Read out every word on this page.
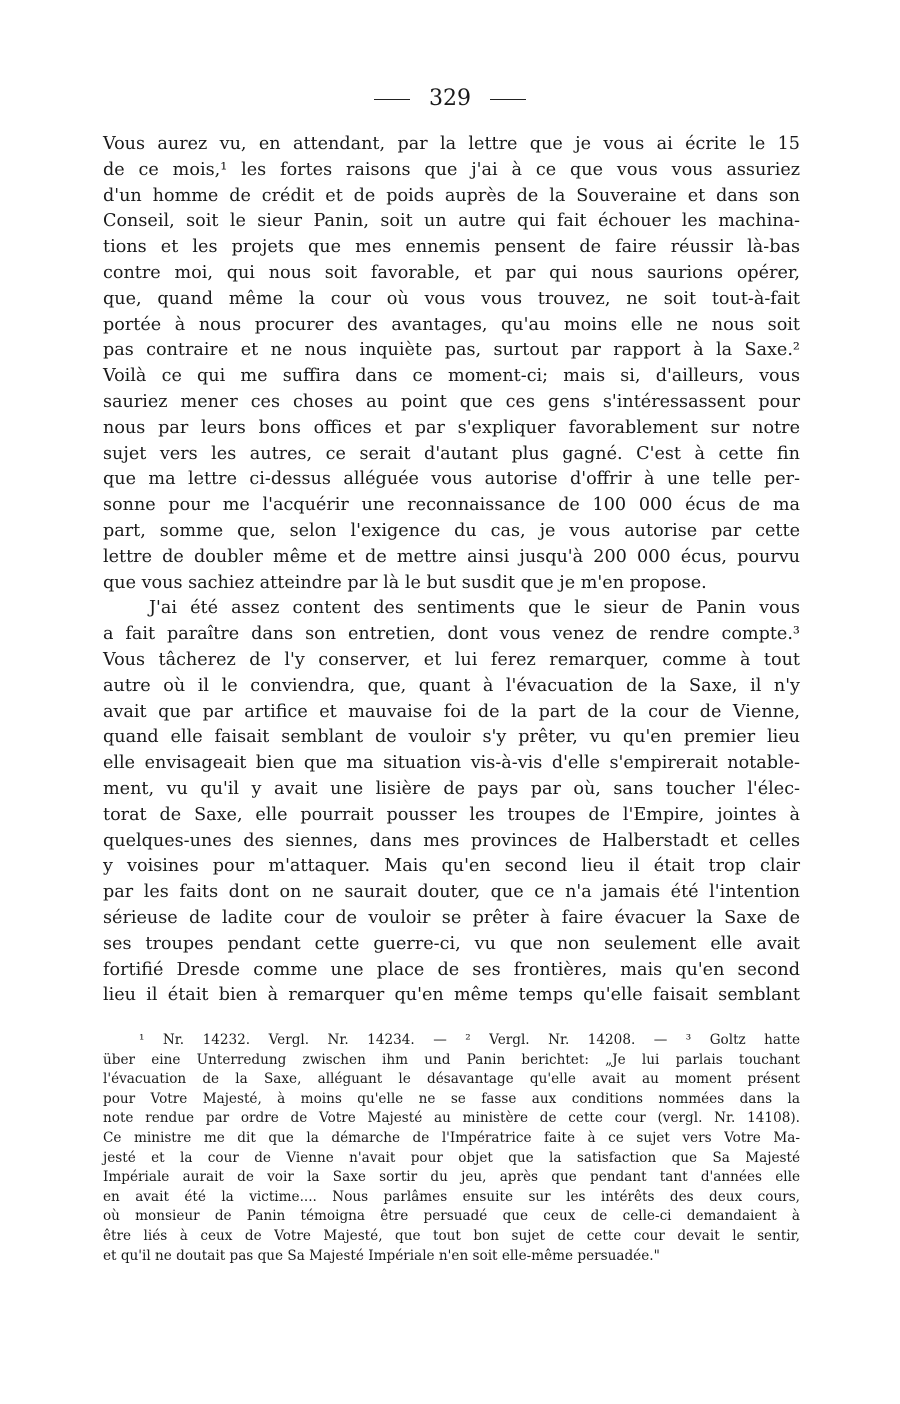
329
Vous aurez vu, en attendant, par la lettre que je vous ai écrite le 15
de ce mois,¹ les fortes raisons que j'ai à ce que vous vous assuriez
d'un homme de crédit et de poids auprès de la Souveraine et dans son
Conseil, soit le sieur Panin, soit un autre qui fait échouer les machina-
tions et les projets que mes ennemis pensent de faire réussir là-bas
contre moi, qui nous soit favorable, et par qui nous saurions opérer,
que, quand même la cour où vous vous trouvez, ne soit tout-à-fait
portée à nous procurer des avantages, qu'au moins elle ne nous soit
pas contraire et ne nous inquiète pas, surtout par rapport à la Saxe.²
Voilà ce qui me suffira dans ce moment-ci; mais si, d'ailleurs, vous
sauriez mener ces choses au point que ces gens s'intéressassent pour
nous par leurs bons offices et par s'expliquer favorablement sur notre
sujet vers les autres, ce serait d'autant plus gagné. C'est à cette fin
que ma lettre ci-dessus alléguée vous autorise d'offrir à une telle per-
sonne pour me l'acquérir une reconnaissance de 100 000 écus de ma
part, somme que, selon l'exigence du cas, je vous autorise par cette
lettre de doubler même et de mettre ainsi jusqu'à 200 000 écus, pourvu
que vous sachiez atteindre par là le but susdit que je m'en propose.
J'ai été assez content des sentiments que le sieur de Panin vous
a fait paraître dans son entretien, dont vous venez de rendre compte.³
Vous tâcherez de l'y conserver, et lui ferez remarquer, comme à tout
autre où il le conviendra, que, quant à l'évacuation de la Saxe, il n'y
avait que par artifice et mauvaise foi de la part de la cour de Vienne,
quand elle faisait semblant de vouloir s'y prêter, vu qu'en premier lieu
elle envisageait bien que ma situation vis-à-vis d'elle s'empirerait notable-
ment, vu qu'il y avait une lisière de pays par où, sans toucher l'élec-
torat de Saxe, elle pourrait pousser les troupes de l'Empire, jointes à
quelques-unes des siennes, dans mes provinces de Halberstadt et celles
y voisines pour m'attaquer. Mais qu'en second lieu il était trop clair
par les faits dont on ne saurait douter, que ce n'a jamais été l'intention
sérieuse de ladite cour de vouloir se prêter à faire évacuer la Saxe de
ses troupes pendant cette guerre-ci, vu que non seulement elle avait
fortifié Dresde comme une place de ses frontières, mais qu'en second
lieu il était bien à remarquer qu'en même temps qu'elle faisait semblant
¹ Nr. 14232. Vergl. Nr. 14234. — ² Vergl. Nr. 14208. — ³ Goltz hatte
über eine Unterredung zwischen ihm und Panin berichtet: „Je lui parlais touchant
l'évacuation de la Saxe, alléguant le désavantage qu'elle avait au moment présent
pour Votre Majesté, à moins qu'elle ne se fasse aux conditions nommées dans la
note rendue par ordre de Votre Majesté au ministère de cette cour (vergl. Nr. 14108).
Ce ministre me dit que la démarche de l'Impératrice faite à ce sujet vers Votre Ma-
jesté et la cour de Vienne n'avait pour objet que la satisfaction que Sa Majesté
Impériale aurait de voir la Saxe sortir du jeu, après que pendant tant d'années elle
en avait été la victime.... Nous parlâmes ensuite sur les intérêts des deux cours,
où monsieur de Panin témoigna être persuadé que ceux de celle-ci demandaient à
être liés à ceux de Votre Majesté, que tout bon sujet de cette cour devait le sentir,
et qu'il ne doutait pas que Sa Majesté Impériale n'en soit elle-même persuadée."
